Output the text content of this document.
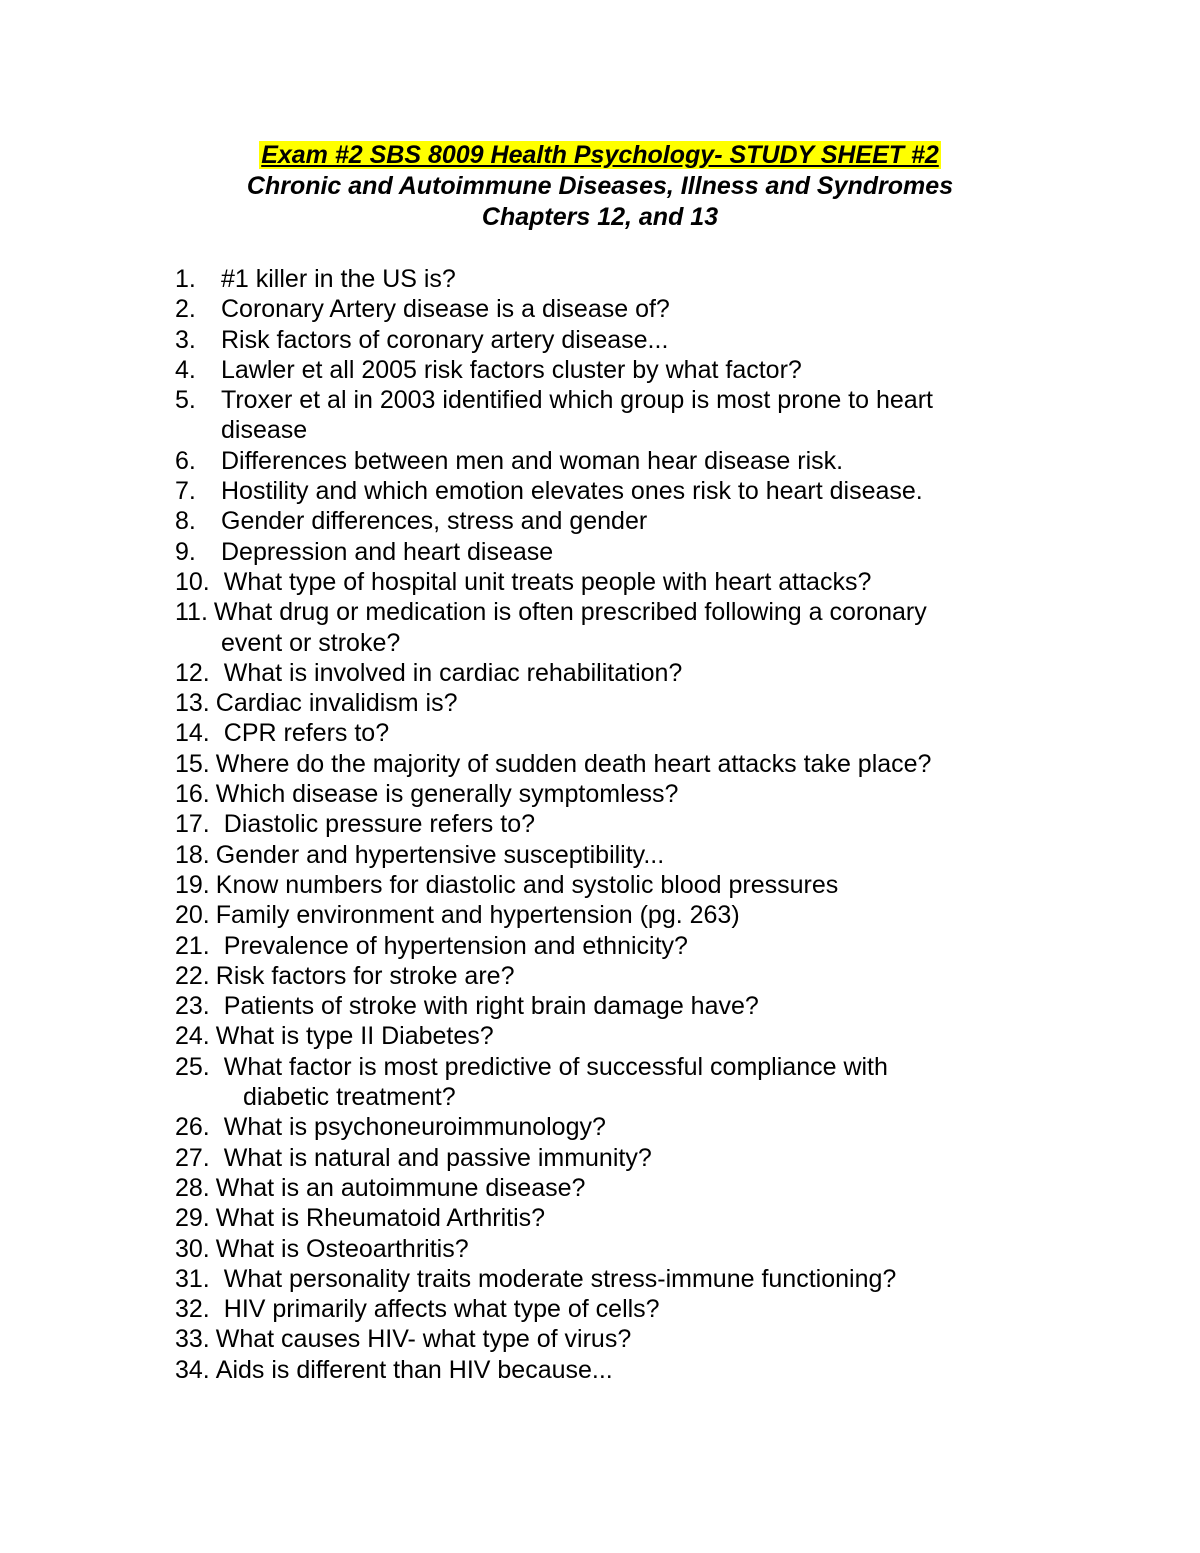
Exam #2 SBS 8009 Health Psychology- STUDY SHEET #2
Chronic and Autoimmune Diseases, Illness and Syndromes
Chapters 12, and 13
1. #1 killer in the US is?
2. Coronary Artery disease is a disease of?
3. Risk factors of coronary artery disease...
4. Lawler et all 2005 risk factors cluster by what factor?
5. Troxer et al in 2003 identified which group is most prone to heart
disease
6. Differences between men and woman hear disease risk.
7. Hostility and which emotion elevates ones risk to heart disease.
8. Gender differences, stress and gender
9. Depression and heart disease
10. What type of hospital unit treats people with heart attacks?
11. What drug or medication is often prescribed following a coronary
event or stroke?
12. What is involved in cardiac rehabilitation?
13. Cardiac invalidism is?
14. CPR refers to?
15. Where do the majority of sudden death heart attacks take place?
16. Which disease is generally symptomless?
17. Diastolic pressure refers to?
18. Gender and hypertensive susceptibility...
19. Know numbers for diastolic and systolic blood pressures
20. Family environment and hypertension (pg. 263)
21. Prevalence of hypertension and ethnicity?
22. Risk factors for stroke are?
23. Patients of stroke with right brain damage have?
24. What is type II Diabetes?
25. What factor is most predictive of successful compliance with
diabetic treatment?
26. What is psychoneuroimmunology?
27. What is natural and passive immunity?
28. What is an autoimmune disease?
29. What is Rheumatoid Arthritis?
30. What is Osteoarthritis?
31. What personality traits moderate stress-immune functioning?
32. HIV primarily affects what type of cells?
33. What causes HIV- what type of virus?
34. Aids is different than HIV because...
